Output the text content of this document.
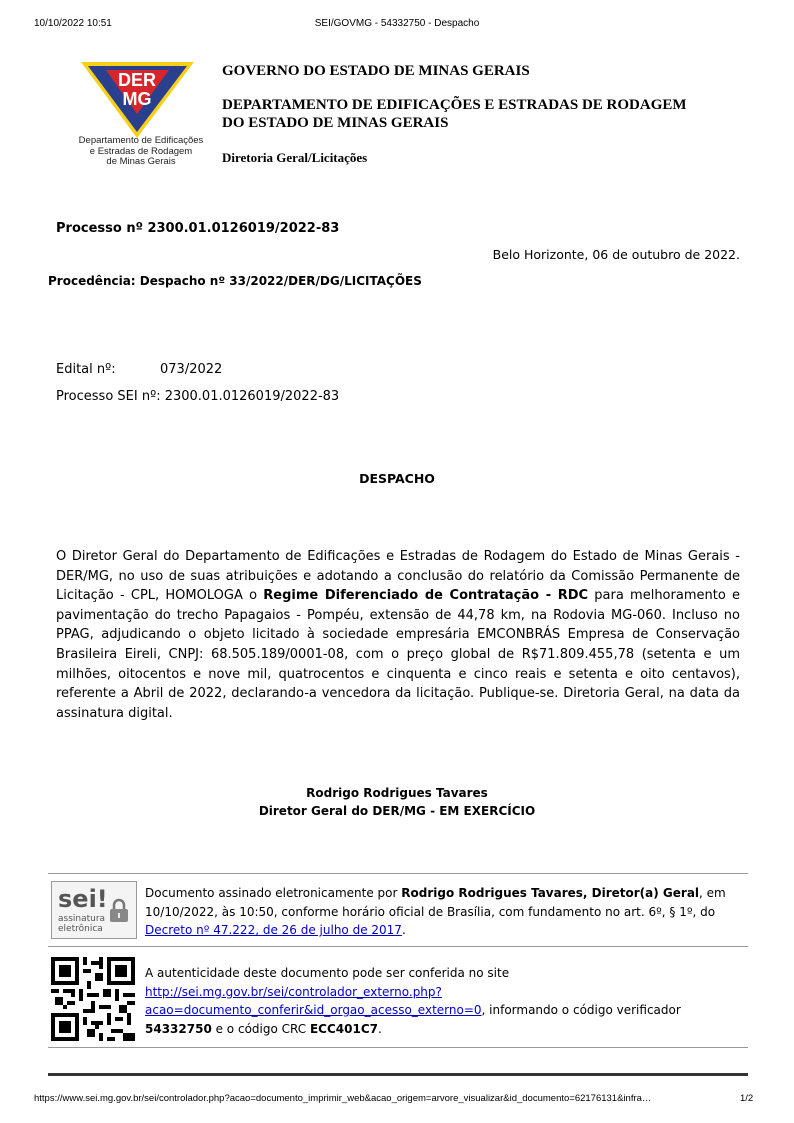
10/10/2022 10:51	SEI/GOVMG - 54332750 - Despacho
DER
MG
Departamento de Edificações
e Estradas de Rodagem
de Minas Gerais
GOVERNO DO ESTADO DE MINAS GERAIS
DEPARTAMENTO DE EDIFICAÇÕES E ESTRADAS DE RODAGEM
DO ESTADO DE MINAS GERAIS
Diretoria Geral/Licitações
Processo nº 2300.01.0126019/2022-83
Belo Horizonte, 06 de outubro de 2022.
Procedência: Despacho nº 33/2022/DER/DG/LICITAÇÕES
Edital nº:	073/2022
Processo SEI nº: 2300.01.0126019/2022-83
DESPACHO
O Diretor Geral do Departamento de Edificações e Estradas de Rodagem do Estado de Minas Gerais - DER/MG, no uso de suas atribuições e adotando a conclusão do relatório da Comissão Permanente de Licitação - CPL, HOMOLOGA o Regime Diferenciado de Contratação - RDC para melhoramento e pavimentação do trecho Papagaios - Pompéu, extensão de 44,78 km, na Rodovia MG-060. Incluso no PPAG, adjudicando o objeto licitado à sociedade empresária EMCONBRÁS Empresa de Conservação Brasileira Eireli, CNPJ: 68.505.189/0001-08, com o preço global de R$71.809.455,78 (setenta e um milhões, oitocentos e nove mil, quatrocentos e cinquenta e cinco reais e setenta e oito centavos), referente a Abril de 2022, declarando-a vencedora da licitação. Publique-se. Diretoria Geral, na data da assinatura digital.
Rodrigo Rodrigues Tavares
Diretor Geral do DER/MG - EM EXERCÍCIO
sei!
assinatura
eletrônica
Documento assinado eletronicamente por Rodrigo Rodrigues Tavares, Diretor(a) Geral, em 10/10/2022, às 10:50, conforme horário oficial de Brasília, com fundamento no art. 6º, § 1º, do Decreto nº 47.222, de 26 de julho de 2017.
A autenticidade deste documento pode ser conferida no site
http://sei.mg.gov.br/sei/controlador_externo.php?
acao=documento_conferir&id_orgao_acesso_externo=0, informando o código verificador 54332750 e o código CRC ECC401C7.
https://www.sei.mg.gov.br/sei/controlador.php?acao=documento_imprimir_web&acao_origem=arvore_visualizar&id_documento=62176131&infra…	1/2
